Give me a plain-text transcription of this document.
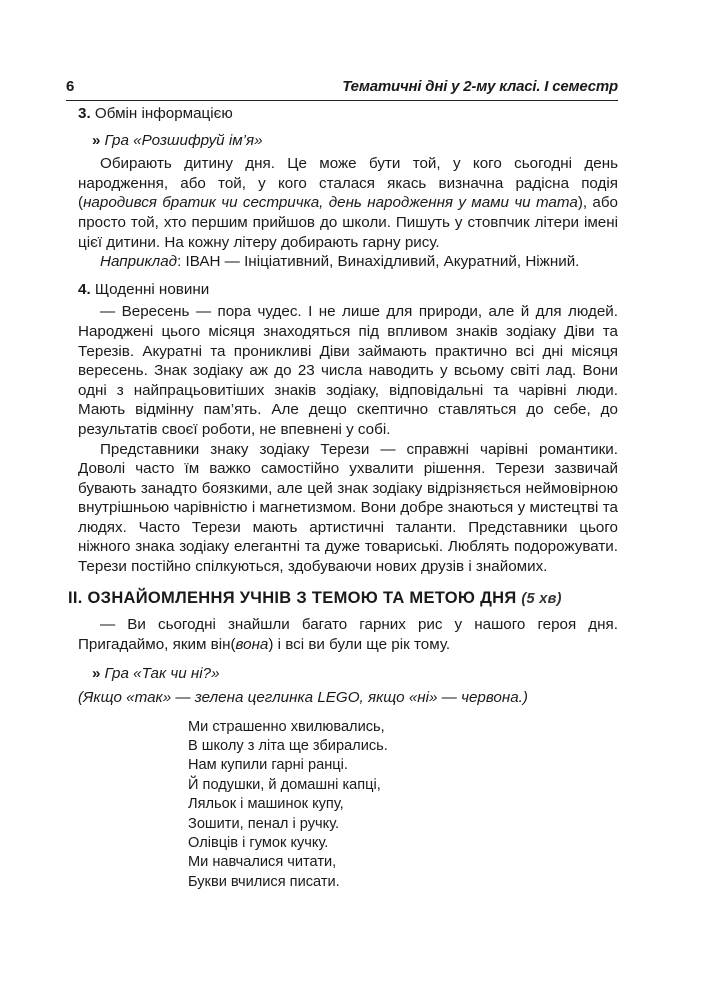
6	Тематичні дні у 2-му класі. І семестр
3. Обмін інформацією
» Гра «Розшифруй ім’я»

Обирають дитину дня. Це може бути той, у кого сьогодні день народження, або той, у кого сталася якась визначна радісна подія (народився братик чи сестричка, день народження у мами чи тата), або просто той, хто першим прийшов до школи. Пишуть у стовпчик літери імені цієї дитини. На кожну літеру добирають гарну рису.

Наприклад: ІВАН — Ініціативний, Винахідливий, Акуратний, Ніжний.

4. Щоденні новини

— Вересень — пора чудес. І не лише для природи, але й для людей. Народжені цього місяця знаходяться під впливом знаків зодіаку Діви та Терезів. Акуратні та проникливі Діви займають практично всі дні місяця вересень. Знак зодіаку аж до 23 числа наводить у всьому світі лад. Вони одні з найпрацьовитіших знаків зодіаку, відповідальні та чарівні люди. Мають відмінну пам’ять. Але дещо скептично ставляться до себе, до результатів своєї роботи, не впевнені у собі.

Представники знаку зодіаку Терези — справжні чарівні романтики. Доволі часто їм важко самостійно ухвалити рішення. Терези зазвичай бувають занадто боязкими, але цей знак зодіаку відрізняється неймовірною внутрішньою чарівністю і магнетизмом. Вони добре знаються у мистецтві та людях. Часто Терези мають артистичні таланти. Представники цього ніжного знака зодіаку елегантні та дуже товариські. Люблять подорожувати. Терези постійно спілкуються, здобуваючи нових друзів і знайомих.

II. ОЗНАЙОМЛЕННЯ УЧНІВ З ТЕМОЮ ТА МЕТОЮ ДНЯ (5 хв)

— Ви сьогодні знайшли багато гарних рис у нашого героя дня. Пригадаймо, яким він(вона) і всі ви були ще рік тому.

» Гра «Так чи ні?»
(Якщо «так» — зелена цеглинка LEGO, якщо «ні» — червона.)
Ми страшенно хвилювались,
В школу з літа ще збирались.
Нам купили гарні ранці.
Й подушки, й домашні капці,
Ляльок і машинок купу,
Зошити, пенал і ручку.
Олівців і гумок кучку.
Ми навчалися читати,
Букви вчилися писати.
